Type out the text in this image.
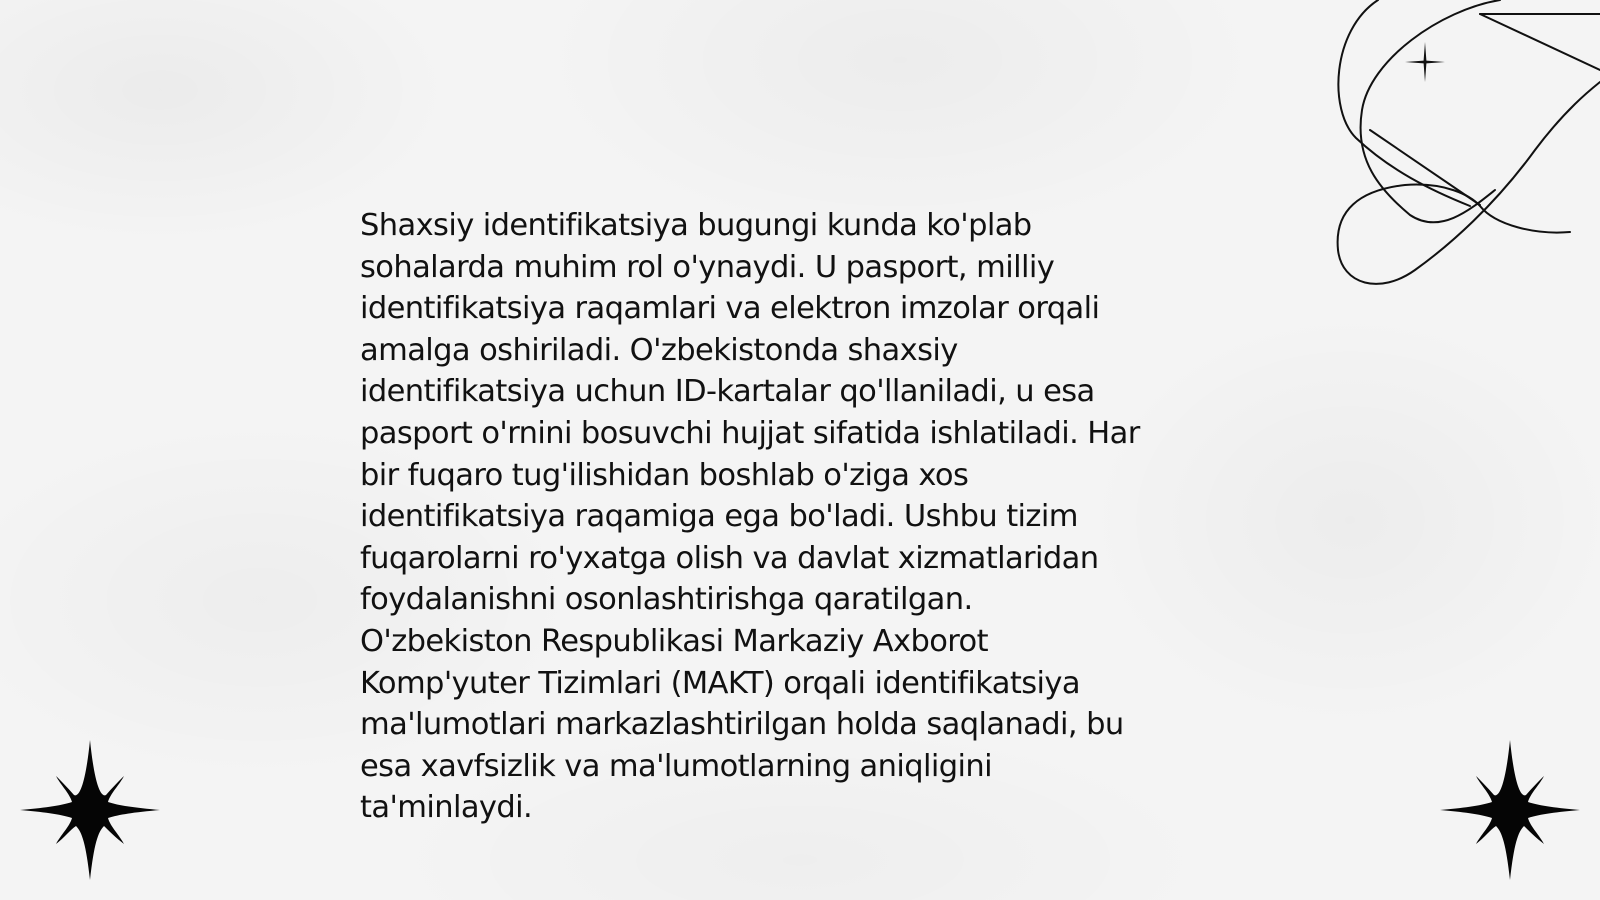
Shaxsiy identifikatsiya bugungi kunda ko'plab
sohalarda muhim rol o'ynaydi. U pasport, milliy
identifikatsiya raqamlari va elektron imzolar orqali
amalga oshiriladi. O'zbekistonda shaxsiy
identifikatsiya uchun ID-kartalar qo'llaniladi, u esa
pasport o'rnini bosuvchi hujjat sifatida ishlatiladi. Har
bir fuqaro tug'ilishidan boshlab o'ziga xos
identifikatsiya raqamiga ega bo'ladi. Ushbu tizim
fuqarolarni ro'yxatga olish va davlat xizmatlaridan
foydalanishni osonlashtirishga qaratilgan.
O'zbekiston Respublikasi Markaziy Axborot
Komp'yuter Tizimlari (MAKT) orqali identifikatsiya
ma'lumotlari markazlashtirilgan holda saqlanadi, bu
esa xavfsizlik va ma'lumotlarning aniqligini
ta'minlaydi.
